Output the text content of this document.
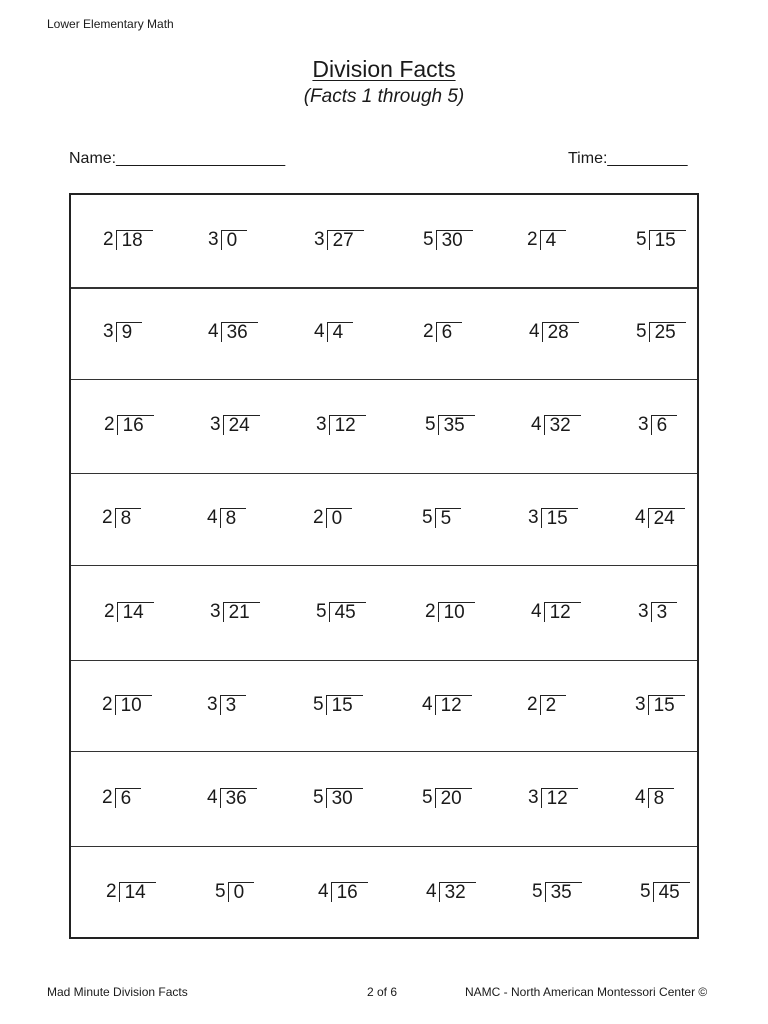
Lower Elementary Math
Division Facts
(Facts 1 through 5)
Name:___________________	Time:_________
2 18	3 0	3 27	5 30	2 4	5 15
3 9	4 36	4 4	2 6	4 28	5 25
2 16	3 24	3 12	5 35	4 32	3 6
2 8	4 8	2 0	5 5	3 15	4 24
2 14	3 21	5 45	2 10	4 12	3 3
2 10	3 3	5 15	4 12	2 2	3 15
2 6	4 36	5 30	5 20	3 12	4 8
2 14	5 0	4 16	4 32	5 35	5 45
Mad Minute Division Facts	2 of 6	NAMC - North American Montessori Center ©
